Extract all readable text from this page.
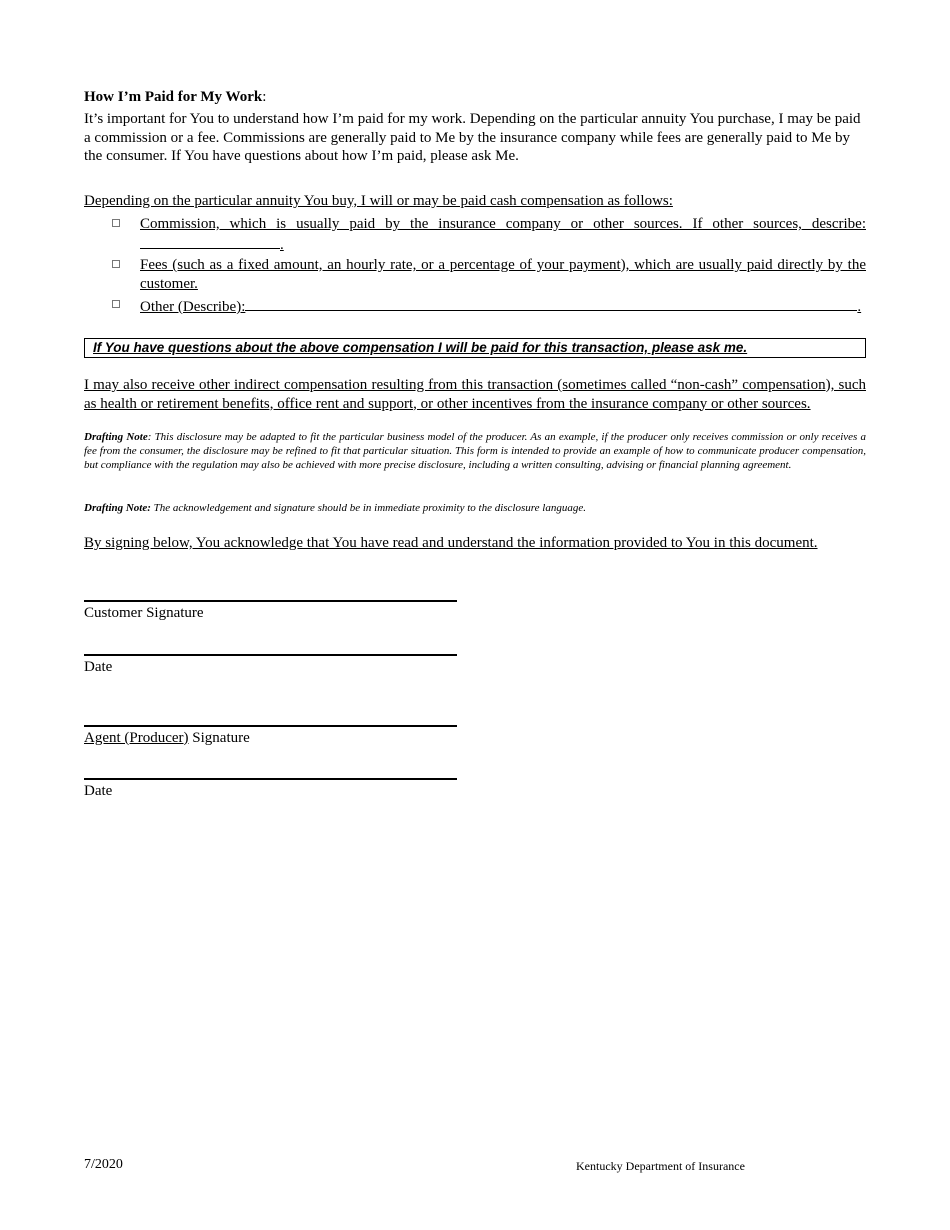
How I’m Paid for My Work:
It’s important for You to understand how I’m paid for my work. Depending on the particular annuity You purchase, I may be paid a commission or a fee. Commissions are generally paid to Me by the insurance company while fees are generally paid to Me by the consumer. If You have questions about how I’m paid, please ask Me.
Depending on the particular annuity You buy, I will or may be paid cash compensation as follows:
Commission, which is usually paid by the insurance company or other sources. If other sources, describe: .
Fees (such as a fixed amount, an hourly rate, or a percentage of your payment), which are usually paid directly by the customer.
Other (Describe):	.
If You have questions about the above compensation I will be paid for this transaction, please ask me.
I may also receive other indirect compensation resulting from this transaction (sometimes called “non-cash” compensation), such as health or retirement benefits, office rent and support, or other incentives from the insurance company or other sources.
Drafting Note: This disclosure may be adapted to fit the particular business model of the producer. As an example, if the producer only receives commission or only receives a fee from the consumer, the disclosure may be refined to fit that particular situation. This form is intended to provide an example of how to communicate producer compensation, but compliance with the regulation may also be achieved with more precise disclosure, including a written consulting, advising or financial planning agreement.
Drafting Note: The acknowledgement and signature should be in immediate proximity to the disclosure language.
By signing below, You acknowledge that You have read and understand the information provided to You in this document.
Customer Signature
Date
Agent (Producer) Signature
Date
7/2020	Kentucky Department of Insurance
